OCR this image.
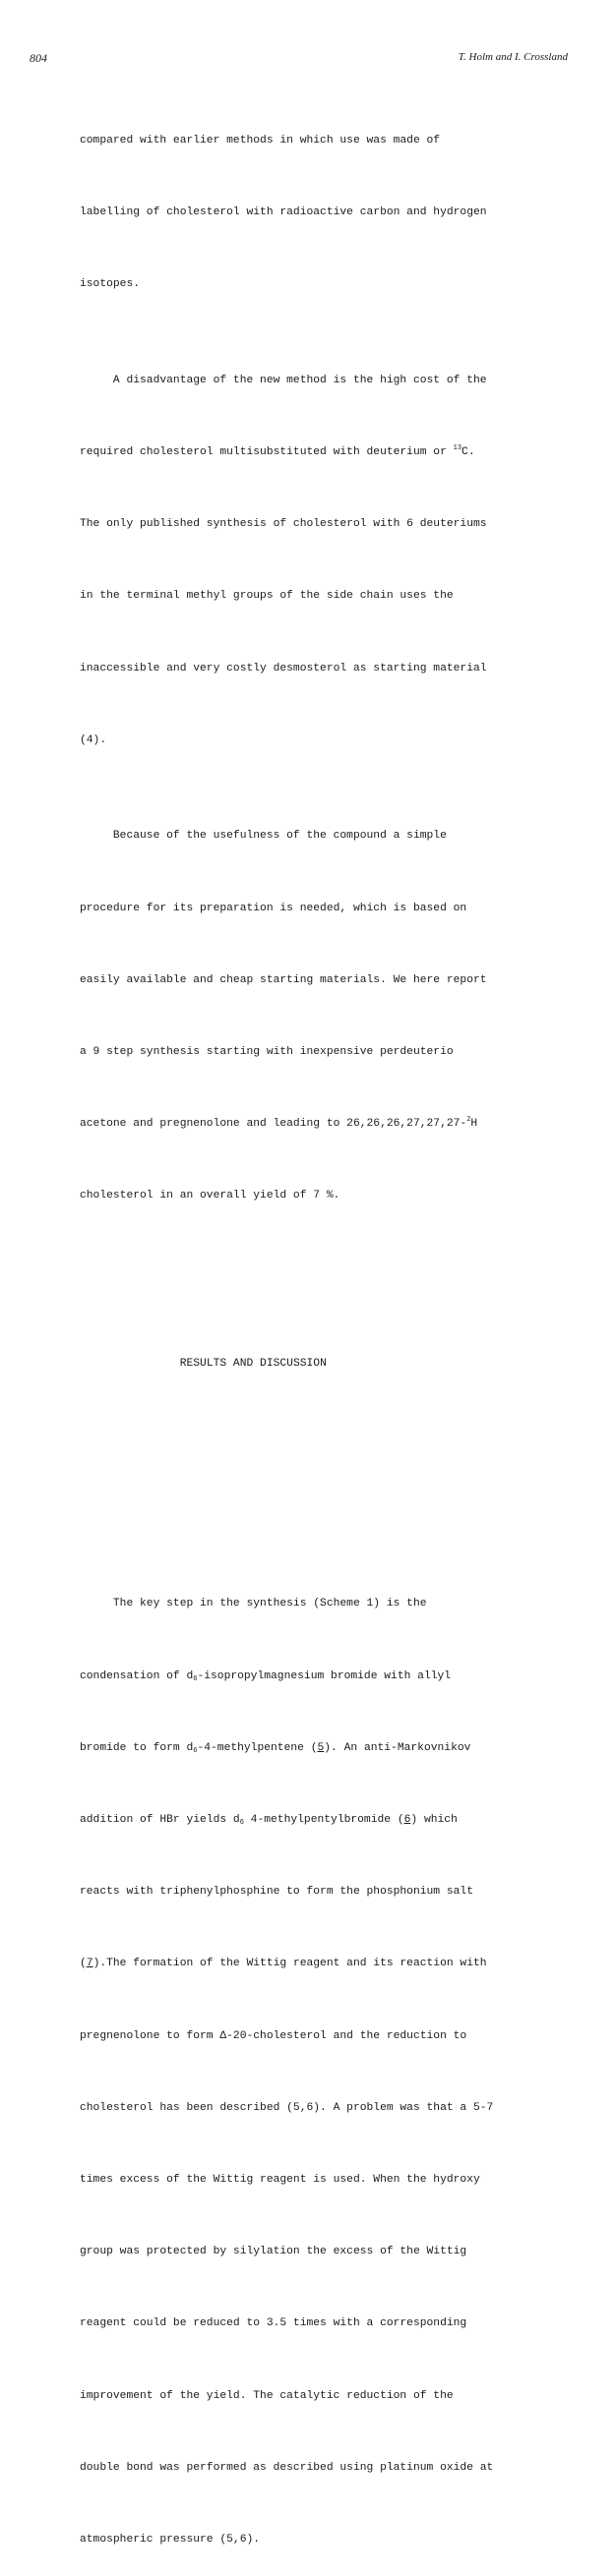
804	T. Holm and I. Crossland

compared with earlier methods in which use was made of

labelling of cholesterol with radioactive carbon and hydrogen

isotopes.

A disadvantage of the new method is the high cost of the

required cholesterol multisubstituted with deuterium or $^{13}$C.

The only published synthesis of cholesterol with 6 deuteriums

in the terminal methyl groups of the side chain uses the

inaccessible and very costly desmosterol as starting material

(4).

Because of the usefulness of the compound a simple

procedure for its preparation is needed, which is based on

easily available and cheap starting materials. We here report

a 9 step synthesis starting with inexpensive perdeuterio

acetone and pregnenolone and leading to 26,26,26,27,27,27-$^2$H

cholesterol in an overall yield of 7 %.

RESULTS AND DISCUSSION

The key step in the synthesis (Scheme 1) is the

condensation of $d_6$-isopropylmagnesium bromide with allyl

bromide to form $d_6-4$-methylpentene (5). An anti-Markovnikov

addition of HBr yields $d_6$ 4-methylpentylbromide (6) which

reacts with triphenylphosphine to form the phosphonium salt

(7).The formation of the Wittig reagent and its reaction with

pregnenolone to form Δ-20-cholesterol and the reduction to

cholesterol has been described (5,6). A problem was that a 5-7

times excess of the Wittig reagent is used. When the hydroxy

group was protected by silylation the excess of the Wittig

reagent could be reduced to 3.5 times with a corresponding

improvement of the yield. The catalytic reduction of the

double bond was performed as described using platinum oxide at

atmospheric pressure (5,6).
